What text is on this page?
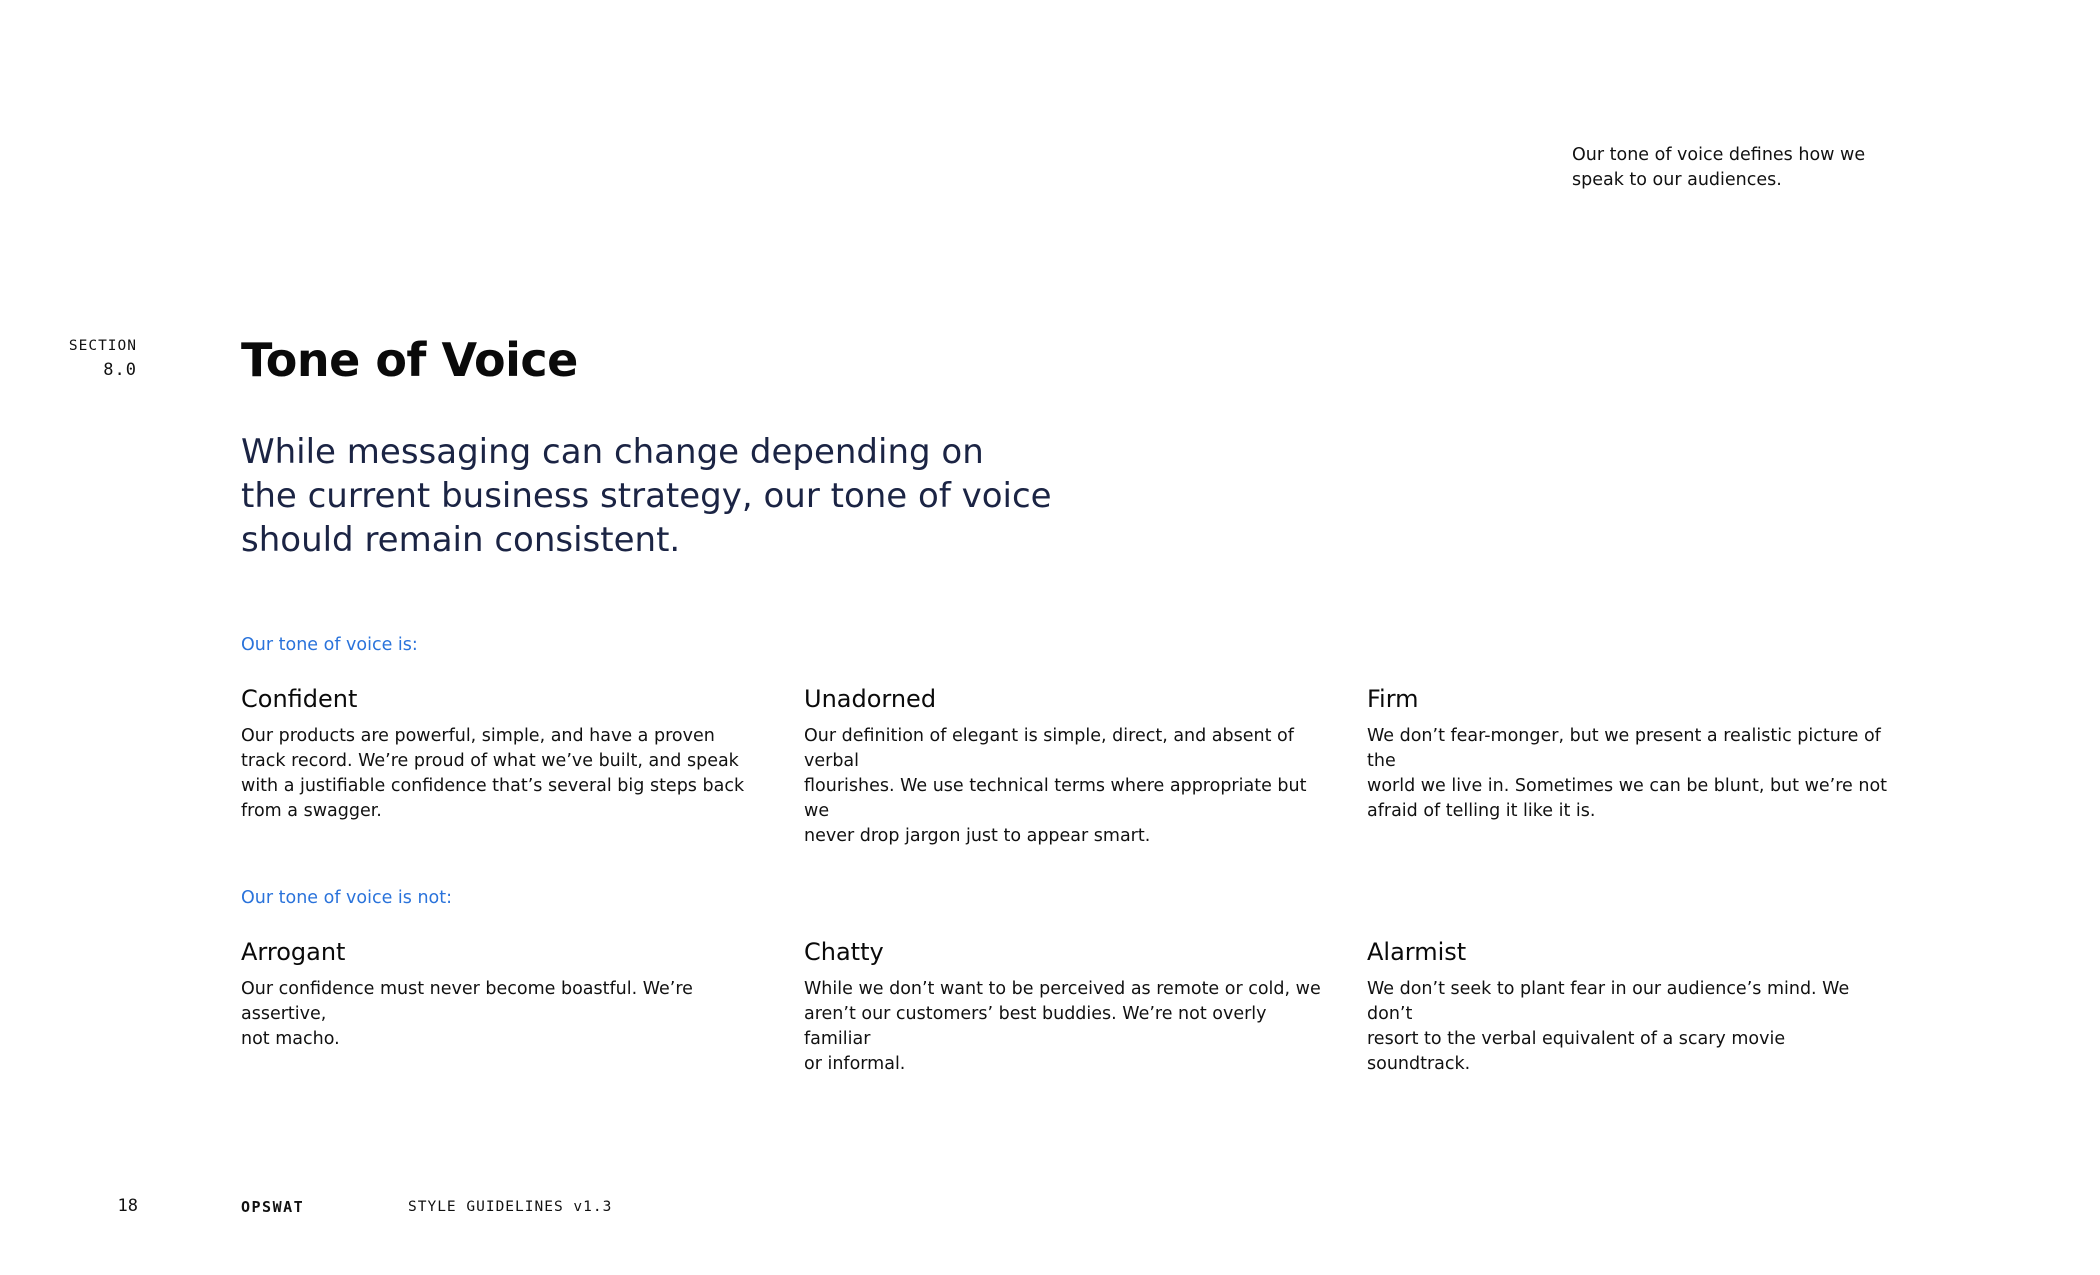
Our tone of voice defines how we
speak to our audiences.
SECTION
8.0 Tone of Voice

While messaging can change depending on
the current business strategy, our tone of voice
should remain consistent.

Our tone of voice is:
Confident

Our products are powerful, simple, and have a proven
track record. We’re proud of what we’ve built, and speak
with a justifiable confidence that’s several big steps back
from a swagger.

Unadorned

Our definition of elegant is simple, direct, and absent of verbal
flourishes. We use technical terms where appropriate but we
never drop jargon just to appear smart.

Firm

We don’t fear-monger, but we present a realistic picture of the
world we live in. Sometimes we can be blunt, but we’re not
afraid of telling it like it is.

Our tone of voice is not:
Arrogant

Our confidence must never become boastful. We’re assertive,
not macho.

Chatty

While we don’t want to be perceived as remote or cold, we
aren’t our customers’ best buddies. We’re not overly familiar
or informal.

Alarmist

We don’t seek to plant fear in our audience’s mind. We don’t
resort to the verbal equivalent of a scary movie soundtrack.

18	OPSWAT	STYLE GUIDELINES v1.3
